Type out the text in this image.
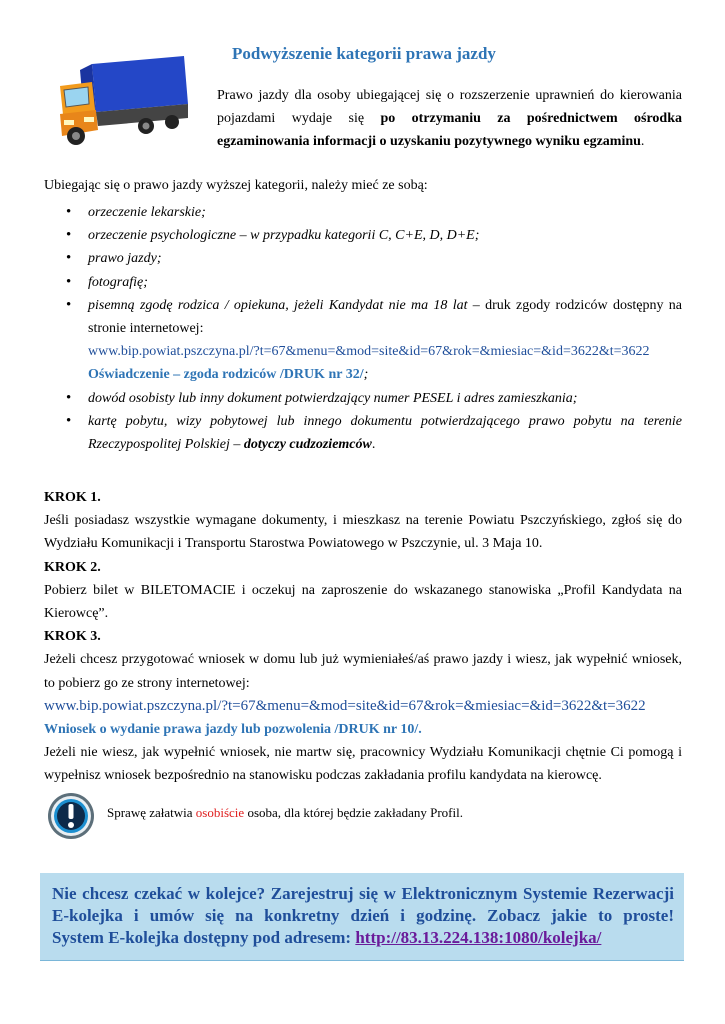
Podwyższenie kategorii prawa jazdy
Prawo jazdy dla osoby ubiegającej się o rozszerzenie uprawnień do kierowania pojazdami wydaje się po otrzymaniu za pośrednictwem ośrodka egzaminowania informacji o uzyskaniu pozytywnego wyniku egzaminu.
Ubiegając się o prawo jazdy wyższej kategorii, należy mieć ze sobą:
• orzeczenie lekarskie;
• orzeczenie psychologiczne – w przypadku kategorii C, C+E, D, D+E;
• prawo jazdy;
• fotografię;
• pisemną zgodę rodzica / opiekuna, jeżeli Kandydat nie ma 18 lat – druk zgody rodziców dostępny na stronie internetowej:
www.bip.powiat.pszczyna.pl/?t=67&menu=&mod=site&id=67&rok=&miesiac=&id=3622&t=3622
Oświadczenie – zgoda rodziców /DRUK nr 32/;
• dowód osobisty lub inny dokument potwierdzający numer PESEL i adres zamieszkania;
• kartę pobytu, wizy pobytowej lub innego dokumentu potwierdzającego prawo pobytu na terenie Rzeczypospolitej Polskiej – dotyczy cudzoziemców.

KROK 1.

Jeśli posiadasz wszystkie wymagane dokumenty, i mieszkasz na terenie Powiatu Pszczyńskiego, zgłoś się do Wydziału Komunikacji i Transportu Starostwa Powiatowego w Pszczynie, ul. 3 Maja 10.

KROK 2.

Pobierz bilet w BILETOMACIE i oczekuj na zaproszenie do wskazanego stanowiska „Profil Kandydata na Kierowcę”.

KROK 3.

Jeżeli chcesz przygotować wniosek w domu lub już wymieniałeś/aś prawo jazdy i wiesz, jak wypełnić wniosek, to pobierz go ze strony internetowej:

www.bip.powiat.pszczyna.pl/?t=67&menu=&mod=site&id=67&rok=&miesiac=&id=3622&t=3622

Wniosek o wydanie prawa jazdy lub pozwolenia /DRUK nr 10/.

Jeżeli nie wiesz, jak wypełnić wniosek, nie martw się, pracownicy Wydziału Komunikacji chętnie Ci pomogą i wypełnisz wniosek bezpośrednio na stanowisku podczas zakładania profilu kandydata na kierowcę.

Sprawę załatwia osobiście osoba, dla której będzie zakładany Profil.
Nie chcesz czekać w kolejce? Zarejestruj się w Elektronicznym Systemie Rezerwacji
E-kolejka i umów się na konkretny dzień i godzinę. Zobacz jakie to proste!
System E-kolejka dostępny pod adresem: http://83.13.224.138:1080/kolejka/
